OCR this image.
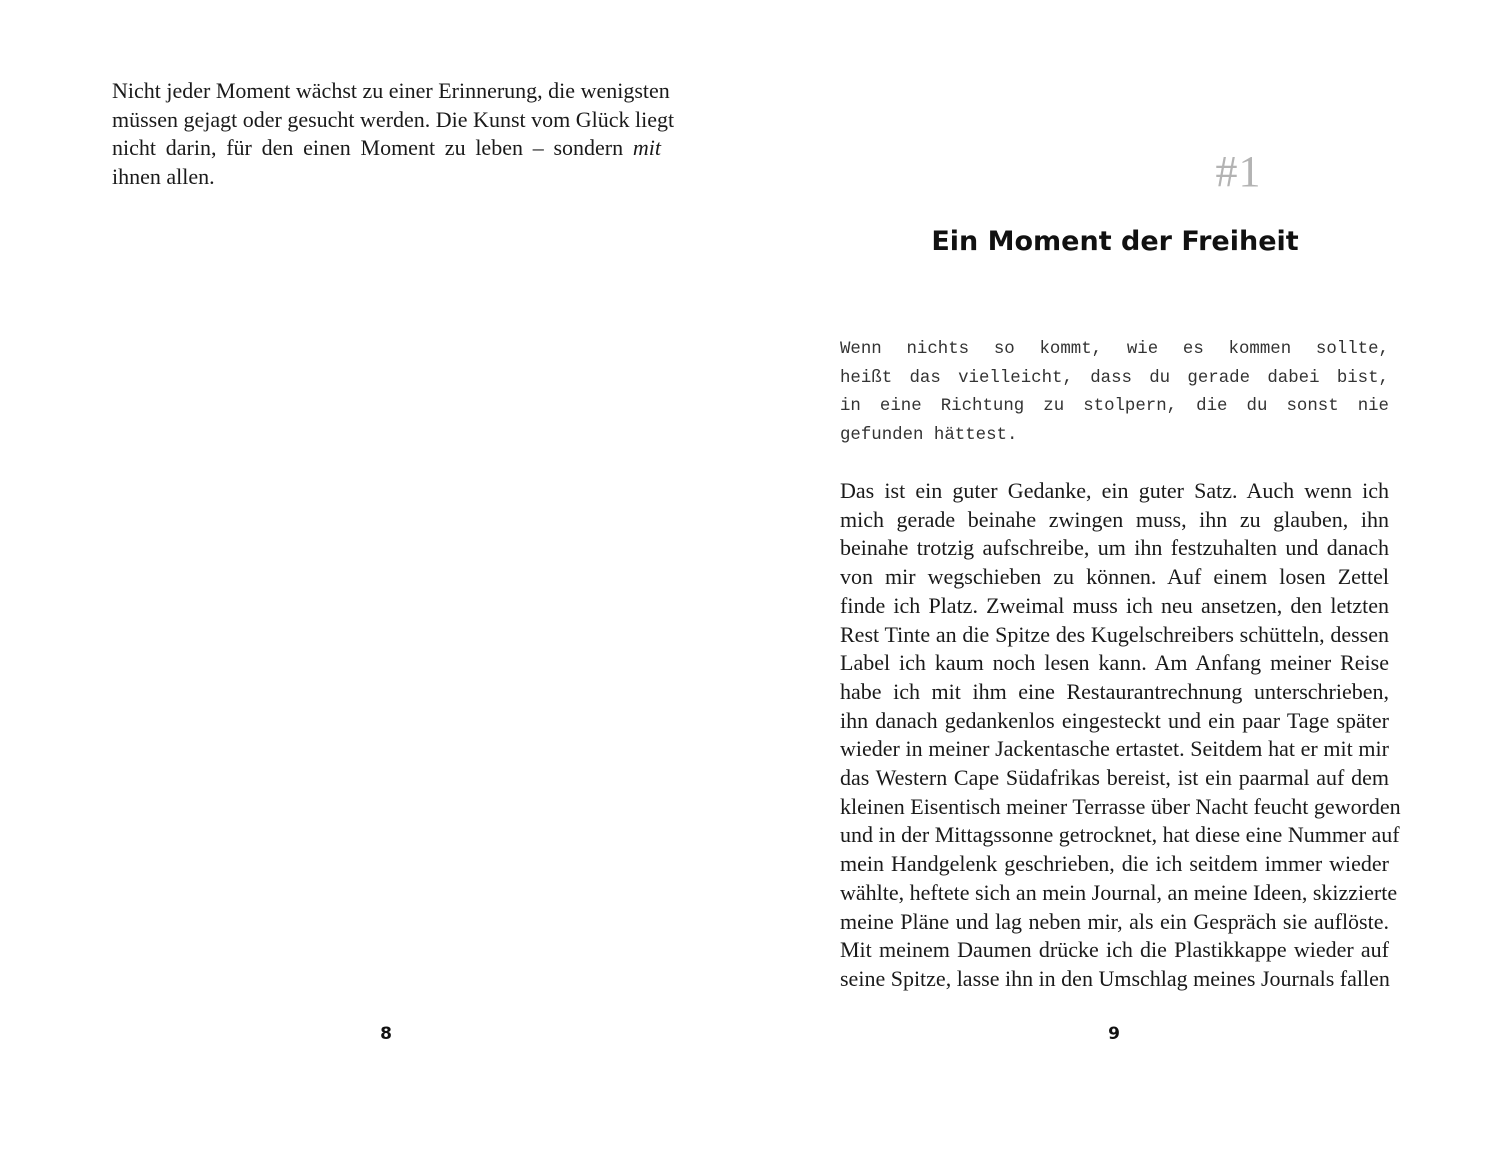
Nicht jeder Moment wächst zu einer Erinnerung, die wenigsten
müssen gejagt oder gesucht werden. Die Kunst vom Glück liegt
nicht darin, für den einen Moment zu leben – sondern mit
ihnen allen.
8
#1
Ein Moment der Freiheit
Wenn nichts so kommt, wie es kommen sollte,
heißt das vielleicht, dass du gerade dabei bist,
in eine Richtung zu stolpern, die du sonst nie
gefunden hättest.
Das ist ein guter Gedanke, ein guter Satz. Auch wenn ich
mich gerade beinahe zwingen muss, ihn zu glauben, ihn
beinahe trotzig aufschreibe, um ihn festzuhalten und danach
von mir wegschieben zu können. Auf einem losen Zettel
finde ich Platz. Zweimal muss ich neu ansetzen, den letzten
Rest Tinte an die Spitze des Kugelschreibers schütteln, dessen
Label ich kaum noch lesen kann. Am Anfang meiner Reise
habe ich mit ihm eine Restaurantrechnung unterschrieben,
ihn danach gedankenlos eingesteckt und ein paar Tage später
wieder in meiner Jackentasche ertastet. Seitdem hat er mit mir
das Western Cape Südafrikas bereist, ist ein paarmal auf dem
kleinen Eisentisch meiner Terrasse über Nacht feucht geworden
und in der Mittagssonne getrocknet, hat diese eine Nummer auf
mein Handgelenk geschrieben, die ich seitdem immer wieder
wählte, heftete sich an mein Journal, an meine Ideen, skizzierte
meine Pläne und lag neben mir, als ein Gespräch sie auflöste.
Mit meinem Daumen drücke ich die Plastikkappe wieder auf
seine Spitze, lasse ihn in den Umschlag meines Journals fallen
9
